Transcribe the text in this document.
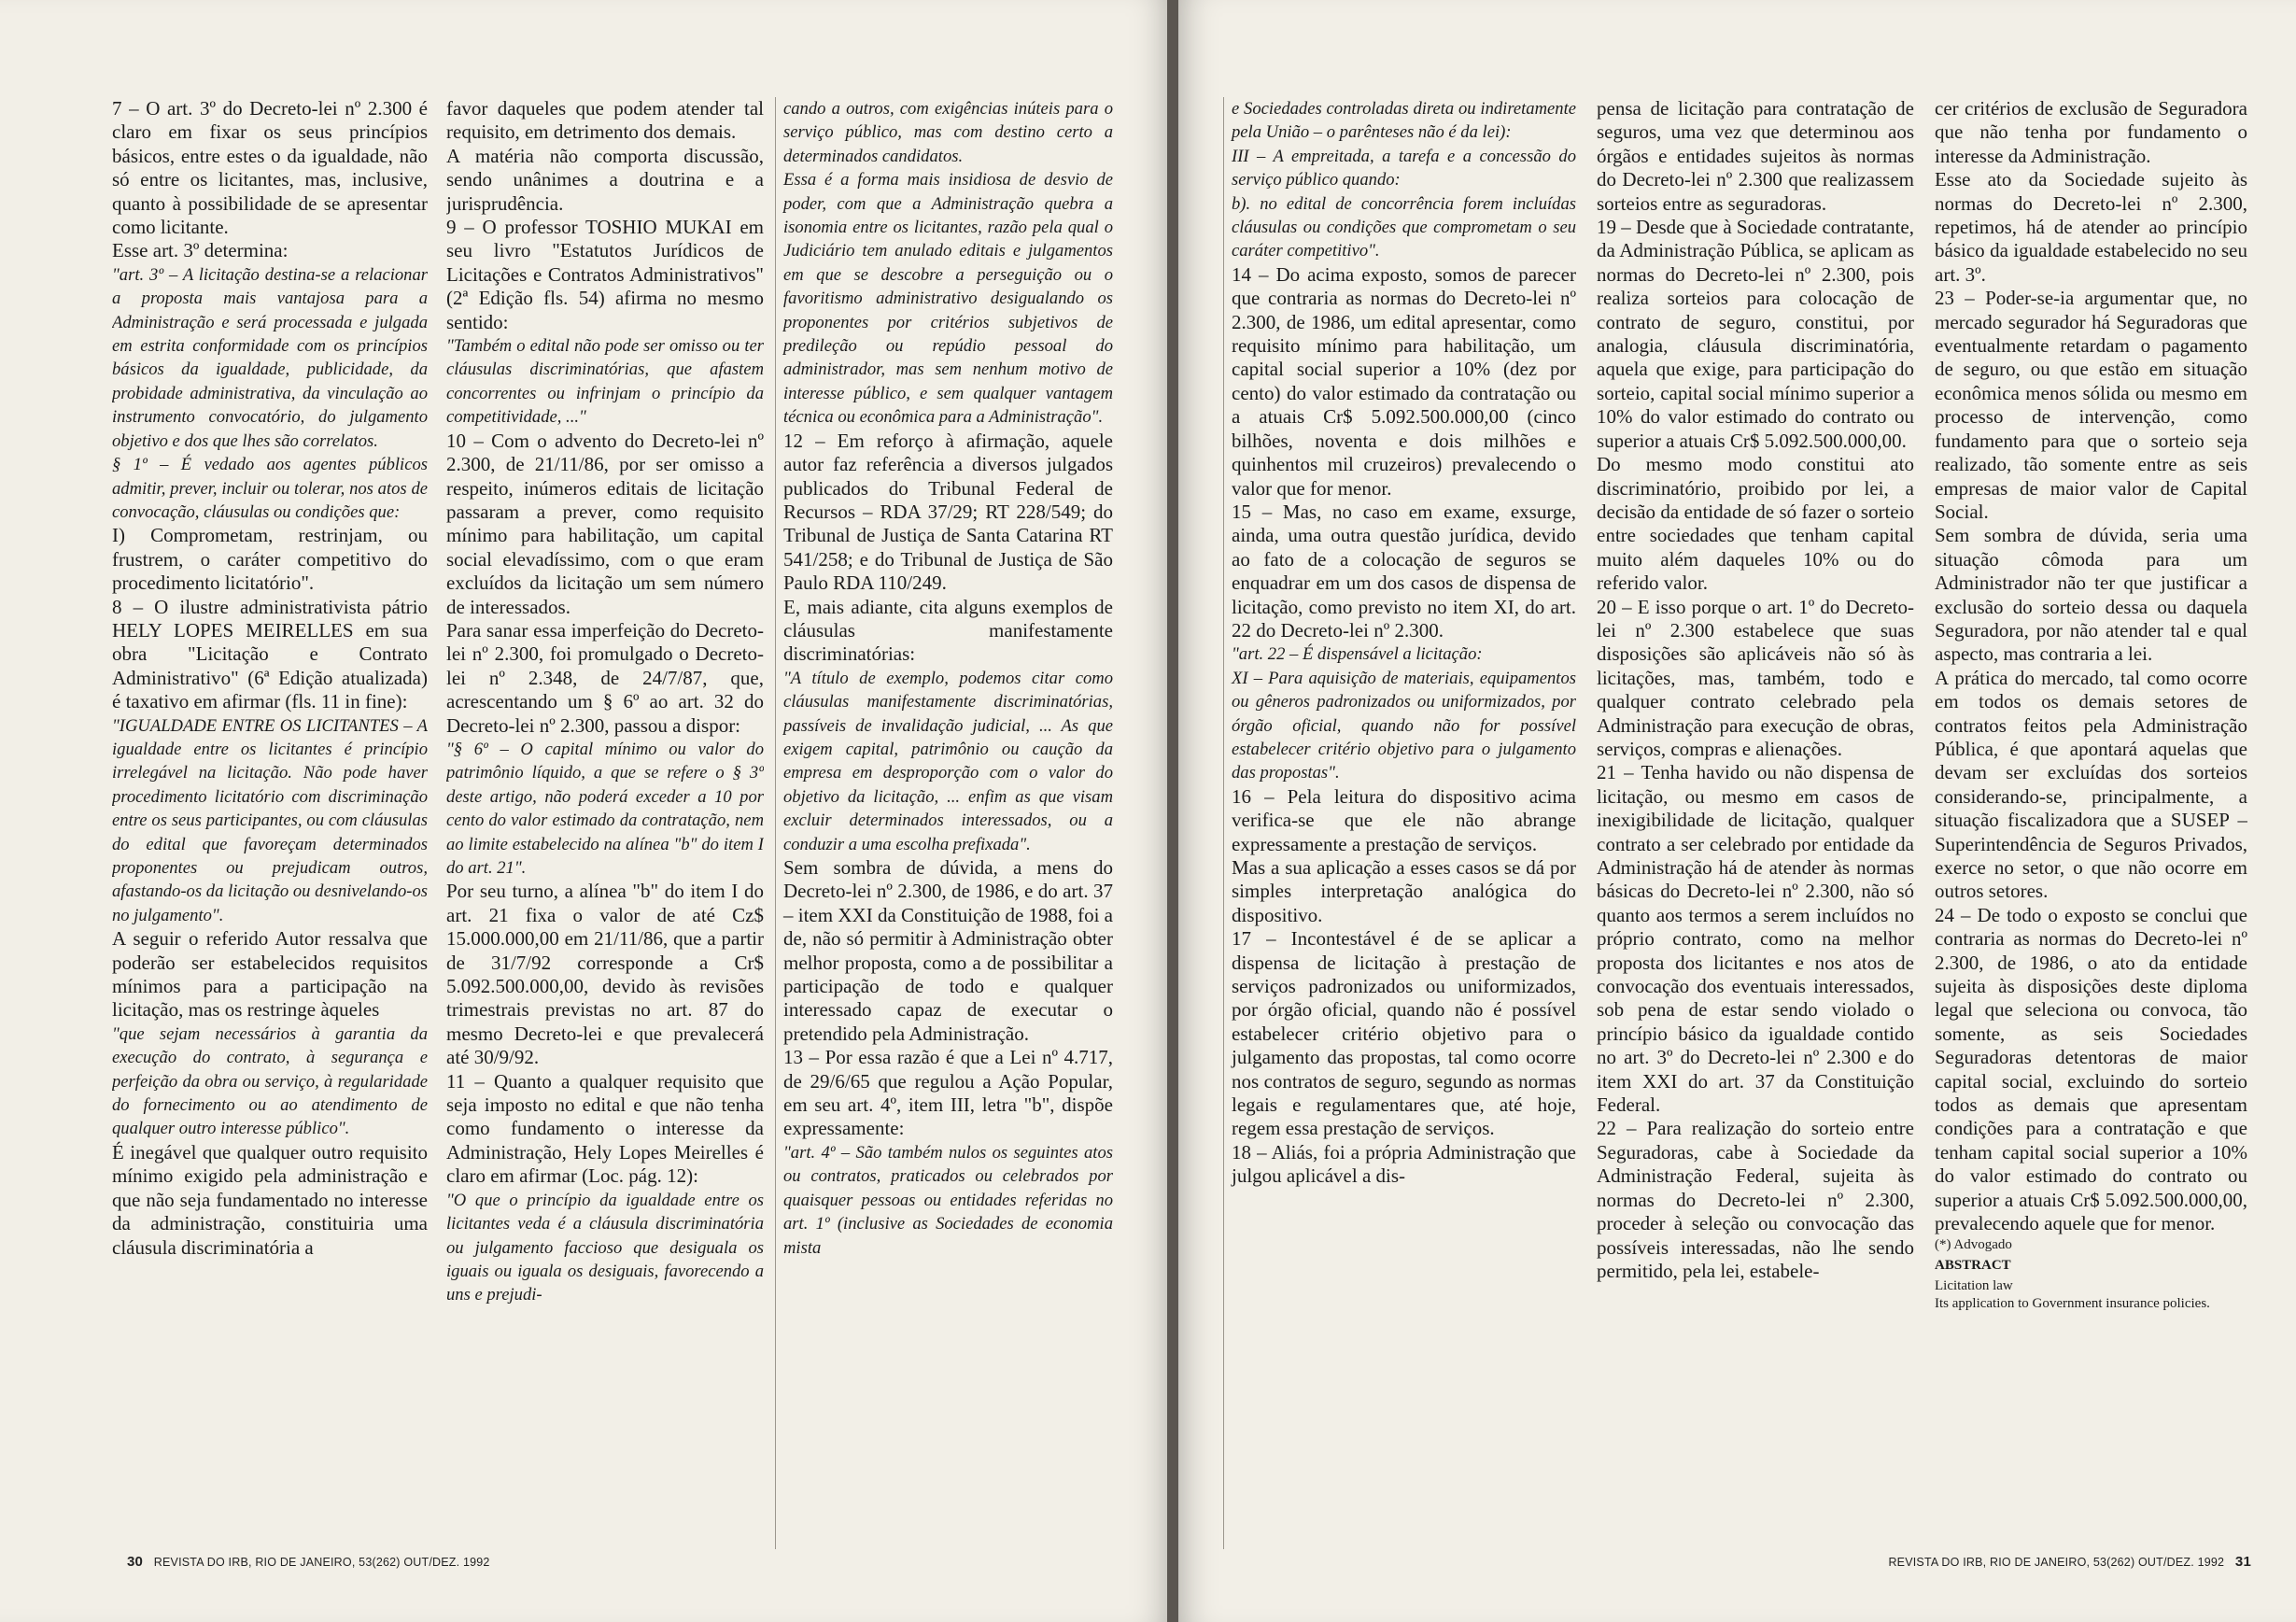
7 – O art. 3º do Decreto-lei nº 2.300 é claro em fixar os seus princípios básicos, entre estes o da igualdade, não só entre os licitantes, mas, inclusive, quanto à possibilidade de se apresentar como licitante.

Esse art. 3º determina:

"art. 3º – A licitação destina-se a relacionar a proposta mais vantajosa para a Administração e será processada e julgada em estrita conformidade com os princípios básicos da igualdade, publicidade, da probidade administrativa, da vinculação ao instrumento convocatório, do julgamento objetivo e dos que lhes são correlatos.

§ 1º – É vedado aos agentes públicos admitir, prever, incluir ou tolerar, nos atos de convocação, cláusulas ou condições que:

I) Comprometam, restrinjam, ou frustrem, o caráter competitivo do procedimento licitatório".

8 – O ilustre administrativista pátrio HELY LOPES MEIRELLES em sua obra "Licitação e Contrato Administrativo" (6ª Edição atualizada) é taxativo em afirmar (fls. 11 in fine):

"IGUALDADE ENTRE OS LICITANTES – A igualdade entre os licitantes é princípio irrelegável na licitação. Não pode haver procedimento licitatório com discriminação entre os seus participantes, ou com cláusulas do edital que favoreçam determinados proponentes ou prejudicam outros, afastando-os da licitação ou desnivelando-os no julgamento".

A seguir o referido Autor ressalva que poderão ser estabelecidos requisitos mínimos para a participação na licitação, mas os restringe àqueles

"que sejam necessários à garantia da execução do contrato, à segurança e perfeição da obra ou serviço, à regularidade do fornecimento ou ao atendimento de qualquer outro interesse público".

É inegável que qualquer outro requisito mínimo exigido pela administração e que não seja fundamentado no interesse da administração, constituiria uma cláusula discriminatória a

favor daqueles que podem atender tal requisito, em detrimento dos demais.

A matéria não comporta discussão, sendo unânimes a doutrina e a jurisprudência.

9 – O professor TOSHIO MUKAI em seu livro "Estatutos Jurídicos de Licitações e Contratos Administrativos" (2ª Edição fls. 54) afirma no mesmo sentido:

"Também o edital não pode ser omisso ou ter cláusulas discriminatórias, que afastem concorrentes ou infrinjam o princípio da competitividade, ..."

10 – Com o advento do Decreto-lei nº 2.300, de 21/11/86, por ser omisso a respeito, inúmeros editais de licitação passaram a prever, como requisito mínimo para habilitação, um capital social elevadíssimo, com o que eram excluídos da licitação um sem número de interessados.

Para sanar essa imperfeição do Decreto-lei nº 2.300, foi promulgado o Decreto-lei nº 2.348, de 24/7/87, que, acrescentando um § 6º ao art. 32 do Decreto-lei nº 2.300, passou a dispor:

"§ 6º – O capital mínimo ou valor do patrimônio líquido, a que se refere o § 3º deste artigo, não poderá exceder a 10 por cento do valor estimado da contratação, nem ao limite estabelecido na alínea "b" do item I do art. 21".

Por seu turno, a alínea "b" do item I do art. 21 fixa o valor de até Cz$ 15.000.000,00 em 21/11/86, que a partir de 31/7/92 corresponde a Cr$ 5.092.500.000,00, devido às revisões trimestrais previstas no art. 87 do mesmo Decreto-lei e que prevalecerá até 30/9/92.

11 – Quanto a qualquer requisito que seja imposto no edital e que não tenha como fundamento o interesse da Administração, Hely Lopes Meirelles é claro em afirmar (Loc. pág. 12):

"O que o princípio da igualdade entre os licitantes veda é a cláusula discriminatória ou julgamento faccioso que desiguala os iguais ou iguala os desiguais, favorecendo a uns e prejudi-

cando a outros, com exigências inúteis para o serviço público, mas com destino certo a determinados candidatos.

Essa é a forma mais insidiosa de desvio de poder, com que a Administração quebra a isonomia entre os licitantes, razão pela qual o Judiciário tem anulado editais e julgamentos em que se descobre a perseguição ou o favoritismo administrativo desigualando os proponentes por critérios subjetivos de predileção ou repúdio pessoal do administrador, mas sem nenhum motivo de interesse público, e sem qualquer vantagem técnica ou econômica para a Administração".

12 – Em reforço à afirmação, aquele autor faz referência a diversos julgados publicados do Tribunal Federal de Recursos – RDA 37/29; RT 228/549; do Tribunal de Justiça de Santa Catarina RT 541/258; e do Tribunal de Justiça de São Paulo RDA 110/249.

E, mais adiante, cita alguns exemplos de cláusulas manifestamente discriminatórias:

"A título de exemplo, podemos citar como cláusulas manifestamente discriminatórias, passíveis de invalidação judicial, ... As que exigem capital, patrimônio ou caução da empresa em desproporção com o valor do objetivo da licitação, ... enfim as que visam excluir determinados interessados, ou a conduzir a uma escolha prefixada".

Sem sombra de dúvida, a mens do Decreto-lei nº 2.300, de 1986, e do art. 37 – item XXI da Constituição de 1988, foi a de, não só permitir à Administração obter melhor proposta, como a de possibilitar a participação de todo e qualquer interessado capaz de executar o pretendido pela Administração.

13 – Por essa razão é que a Lei nº 4.717, de 29/6/65 que regulou a Ação Popular, em seu art. 4º, item III, letra "b", dispõe expressamente:

"art. 4º – São também nulos os seguintes atos ou contratos, praticados ou celebrados por quaisquer pessoas ou entidades referidas no art. 1º (inclusive as Sociedades de economia mista

30 REVISTA DO IRB, RIO DE JANEIRO, 53(262) OUT/DEZ. 1992

e Sociedades controladas direta ou indiretamente pela União – o parênteses não é da lei):

III – A empreitada, a tarefa e a concessão do serviço público quando:

b). no edital de concorrência forem incluídas cláusulas ou condições que comprometam o seu caráter competitivo".

14 – Do acima exposto, somos de parecer que contraria as normas do Decreto-lei nº 2.300, de 1986, um edital apresentar, como requisito mínimo para habilitação, um capital social superior a 10% (dez por cento) do valor estimado da contratação ou a atuais Cr$ 5.092.500.000,00 (cinco bilhões, noventa e dois milhões e quinhentos mil cruzeiros) prevalecendo o valor que for menor.

15 – Mas, no caso em exame, exsurge, ainda, uma outra questão jurídica, devido ao fato de a colocação de seguros se enquadrar em um dos casos de dispensa de licitação, como previsto no item XI, do art. 22 do Decreto-lei nº 2.300.

"art. 22 – É dispensável a licitação:

XI – Para aquisição de materiais, equipamentos ou gêneros padronizados ou uniformizados, por órgão oficial, quando não for possível estabelecer critério objetivo para o julgamento das propostas".

16 – Pela leitura do dispositivo acima verifica-se que ele não abrange expressamente a prestação de serviços.

Mas a sua aplicação a esses casos se dá por simples interpretação analógica do dispositivo.

17 – Incontestável é de se aplicar a dispensa de licitação à prestação de serviços padronizados ou uniformizados, por órgão oficial, quando não é possível estabelecer critério objetivo para o julgamento das propostas, tal como ocorre nos contratos de seguro, segundo as normas legais e regulamentares que, até hoje, regem essa prestação de serviços.

18 – Aliás, foi a própria Administração que julgou aplicável a dis-

pensa de licitação para contratação de seguros, uma vez que determinou aos órgãos e entidades sujeitos às normas do Decreto-lei nº 2.300 que realizassem sorteios entre as seguradoras.

19 – Desde que à Sociedade contratante, da Administração Pública, se aplicam as normas do Decreto-lei nº 2.300, pois realiza sorteios para colocação de contrato de seguro, constitui, por analogia, cláusula discriminatória, aquela que exige, para participação do sorteio, capital social mínimo superior a 10% do valor estimado do contrato ou superior a atuais Cr$ 5.092.500.000,00.

Do mesmo modo constitui ato discriminatório, proibido por lei, a decisão da entidade de só fazer o sorteio entre sociedades que tenham capital muito além daqueles 10% ou do referido valor.

20 – E isso porque o art. 1º do Decreto-lei nº 2.300 estabelece que suas disposições são aplicáveis não só às licitações, mas, também, todo e qualquer contrato celebrado pela Administração para execução de obras, serviços, compras e alienações.

21 – Tenha havido ou não dispensa de licitação, ou mesmo em casos de inexigibilidade de licitação, qualquer contrato a ser celebrado por entidade da Administração há de atender às normas básicas do Decreto-lei nº 2.300, não só quanto aos termos a serem incluídos no próprio contrato, como na melhor proposta dos licitantes e nos atos de convocação dos eventuais interessados, sob pena de estar sendo violado o princípio básico da igualdade contido no art. 3º do Decreto-lei nº 2.300 e do item XXI do art. 37 da Constituição Federal.

22 – Para realização do sorteio entre Seguradoras, cabe à Sociedade da Administração Federal, sujeita às normas do Decreto-lei nº 2.300, proceder à seleção ou convocação das possíveis interessadas, não lhe sendo permitido, pela lei, estabele-

cer critérios de exclusão de Seguradora que não tenha por fundamento o interesse da Administração.

Esse ato da Sociedade sujeito às normas do Decreto-lei nº 2.300, repetimos, há de atender ao princípio básico da igualdade estabelecido no seu art. 3º.

23 – Poder-se-ia argumentar que, no mercado segurador há Seguradoras que eventualmente retardam o pagamento de seguro, ou que estão em situação econômica menos sólida ou mesmo em processo de intervenção, como fundamento para que o sorteio seja realizado, tão somente entre as seis empresas de maior valor de Capital Social.

Sem sombra de dúvida, seria uma situação cômoda para um Administrador não ter que justificar a exclusão do sorteio dessa ou daquela Seguradora, por não atender tal e qual aspecto, mas contraria a lei.

A prática do mercado, tal como ocorre em todos os demais setores de contratos feitos pela Administração Pública, é que apontará aquelas que devam ser excluídas dos sorteios considerando-se, principalmente, a situação fiscalizadora que a SUSEP – Superintendência de Seguros Privados, exerce no setor, o que não ocorre em outros setores.

24 – De todo o exposto se conclui que contraria as normas do Decreto-lei nº 2.300, de 1986, o ato da entidade sujeita às disposições deste diploma legal que seleciona ou convoca, tão somente, as seis Sociedades Seguradoras detentoras de maior capital social, excluindo do sorteio todos as demais que apresentam condições para a contratação e que tenham capital social superior a 10% do valor estimado do contrato ou superior a atuais Cr$ 5.092.500.000,00, prevalecendo aquele que for menor.

(*) Advogado

ABSTRACT

Licitation law

Its application to Government insurance policies.

REVISTA DO IRB, RIO DE JANEIRO, 53(262) OUT/DEZ. 1992 31
